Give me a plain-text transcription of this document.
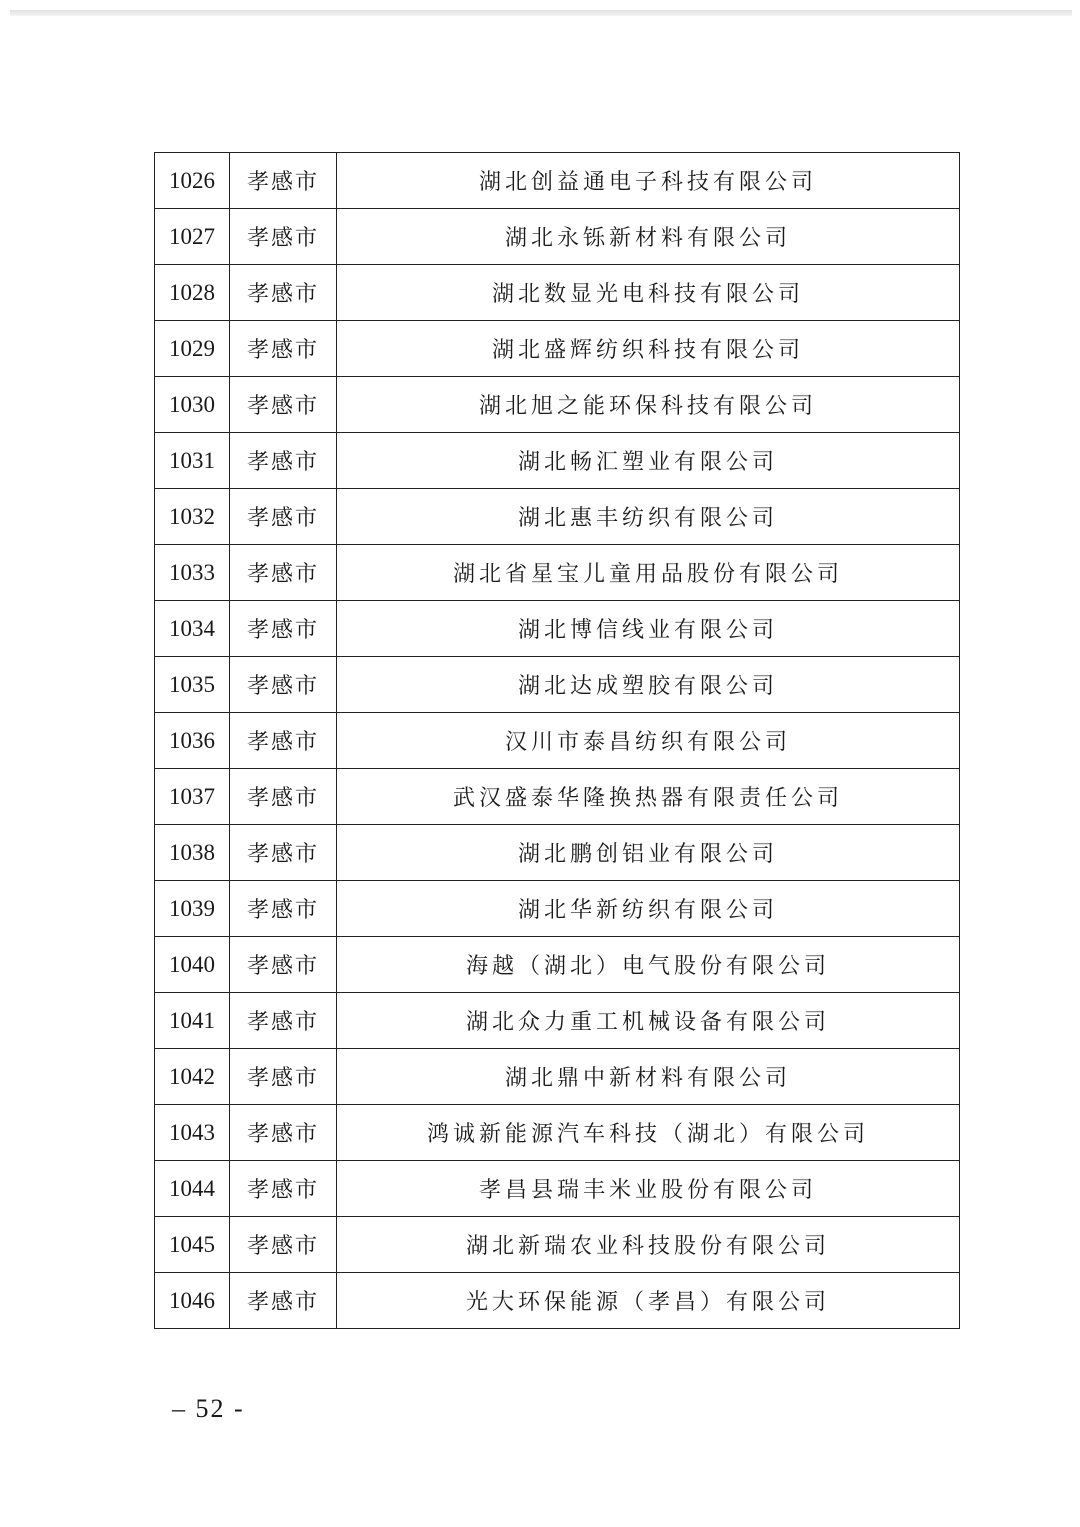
1026	孝感市	湖北创益通电子科技有限公司
1027	孝感市	湖北永铄新材料有限公司
1028	孝感市	湖北数显光电科技有限公司
1029	孝感市	湖北盛辉纺织科技有限公司
1030	孝感市	湖北旭之能环保科技有限公司
1031	孝感市	湖北畅汇塑业有限公司
1032	孝感市	湖北惠丰纺织有限公司
1033	孝感市	湖北省星宝儿童用品股份有限公司
1034	孝感市	湖北博信线业有限公司
1035	孝感市	湖北达成塑胶有限公司
1036	孝感市	汉川市泰昌纺织有限公司
1037	孝感市	武汉盛泰华隆换热器有限责任公司
1038	孝感市	湖北鹏创铝业有限公司
1039	孝感市	湖北华新纺织有限公司
1040	孝感市	海越（湖北）电气股份有限公司
1041	孝感市	湖北众力重工机械设备有限公司
1042	孝感市	湖北鼎中新材料有限公司
1043	孝感市	鸿诚新能源汽车科技（湖北）有限公司
1044	孝感市	孝昌县瑞丰米业股份有限公司
1045	孝感市	湖北新瑞农业科技股份有限公司
1046	孝感市	光大环保能源（孝昌）有限公司
– 52 -
